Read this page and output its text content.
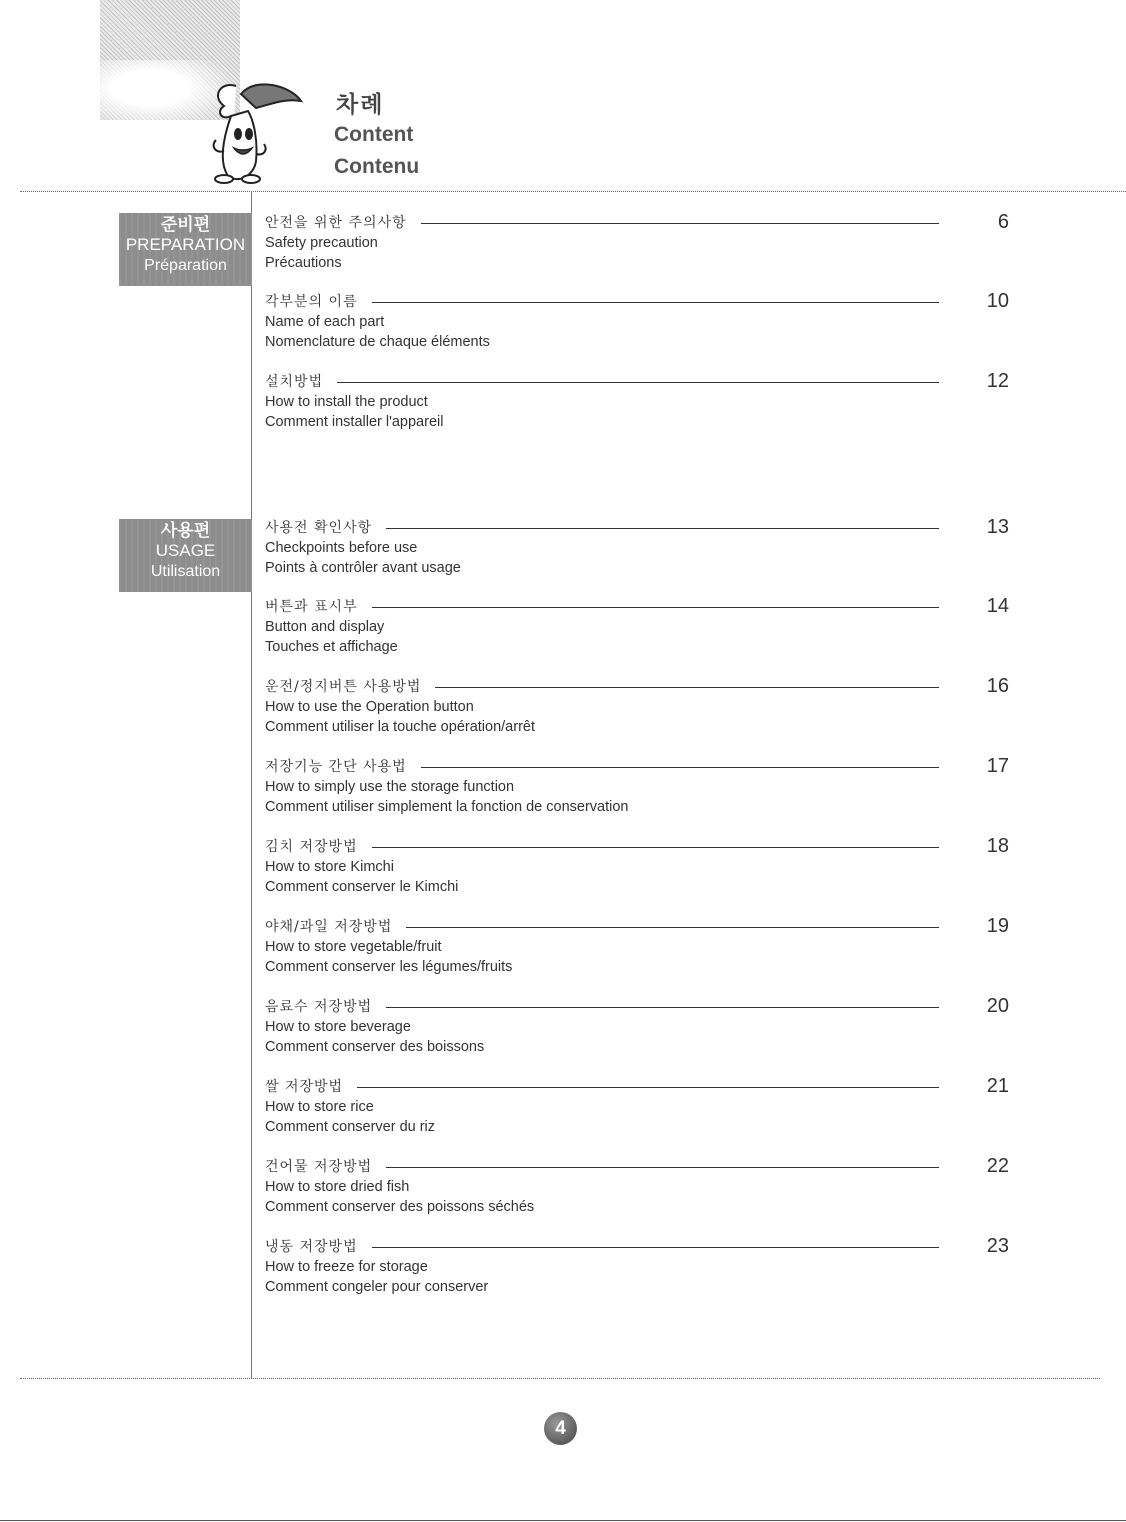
차례
Content
Contenu
준비편
PREPARATION
Préparation
사용편
USAGE
Utilisation
안전을 위한 주의사항	6
Safety precaution
Précautions
각부분의 이름	10
Name of each part
Nomenclature de chaque éléments
설치방법	12
How to install the product
Comment installer l'appareil
사용전 확인사항	13
Checkpoints before use
Points à contrôler avant usage
버튼과 표시부	14
Button and display
Touches et affichage
운전/정지버튼 사용방법	16
How to use the Operation button
Comment utiliser la touche opération/arrêt
저장기능 간단 사용법	17
How to simply use the storage function
Comment utiliser simplement la fonction de conservation
김치 저장방법	18
How to store Kimchi
Comment conserver le Kimchi
야채/과일 저장방법	19
How to store vegetable/fruit
Comment conserver les légumes/fruits
음료수 저장방법	20
How to store beverage
Comment conserver des boissons
쌀 저장방법	21
How to store rice
Comment conserver du riz
건어물 저장방법	22
How to store dried fish
Comment conserver des poissons séchés
냉동 저장방법	23
How to freeze for storage
Comment congeler pour conserver
4
